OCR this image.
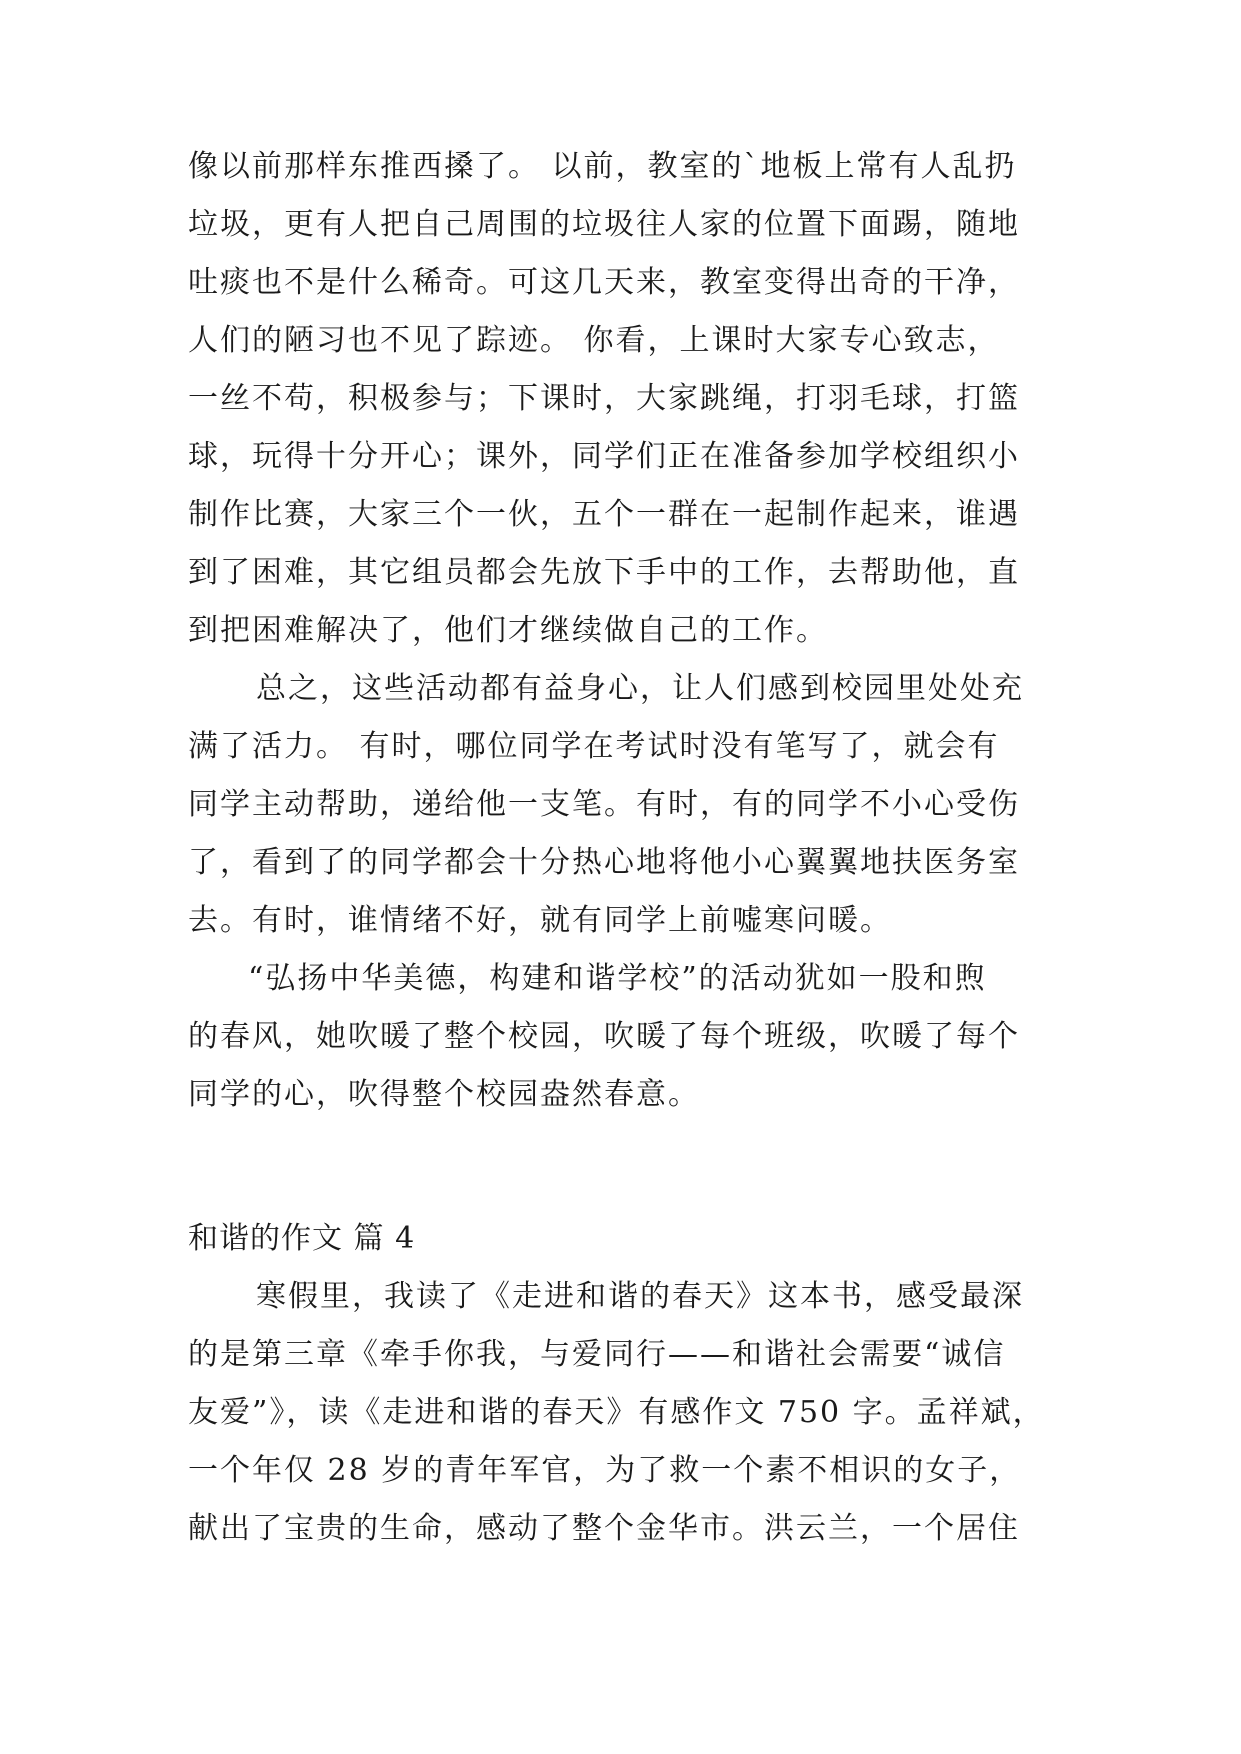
像以前那样东推西搡了。 以前，教室的`地板上常有人乱扔
垃圾，更有人把自己周围的垃圾往人家的位置下面踢，随地
吐痰也不是什么稀奇。可这几天来，教室变得出奇的干净，
人们的陋习也不见了踪迹。 你看，上课时大家专心致志，
一丝不苟，积极参与；下课时，大家跳绳，打羽毛球，打篮
球，玩得十分开心；课外，同学们正在准备参加学校组织小
制作比赛，大家三个一伙，五个一群在一起制作起来，谁遇
到了困难，其它组员都会先放下手中的工作，去帮助他，直
到把困难解决了，他们才继续做自己的工作。
总之，这些活动都有益身心，让人们感到校园里处处充
满了活力。 有时，哪位同学在考试时没有笔写了，就会有
同学主动帮助，递给他一支笔。有时，有的同学不小心受伤
了，看到了的同学都会十分热心地将他小心翼翼地扶医务室
去。有时，谁情绪不好，就有同学上前嘘寒问暖。
“弘扬中华美德，构建和谐学校”的活动犹如一股和煦
的春风，她吹暖了整个校园，吹暖了每个班级，吹暖了每个
同学的心，吹得整个校园盎然春意。
和谐的作文 篇 4
寒假里，我读了《走进和谐的春天》这本书，感受最深
的是第三章《牵手你我，与爱同行——和谐社会需要“诚信
友爱”》，读《走进和谐的春天》有感作文 750 字。孟祥斌，
一个年仅 28 岁的青年军官，为了救一个素不相识的女子，
献出了宝贵的生命，感动了整个金华市。洪云兰，一个居住
